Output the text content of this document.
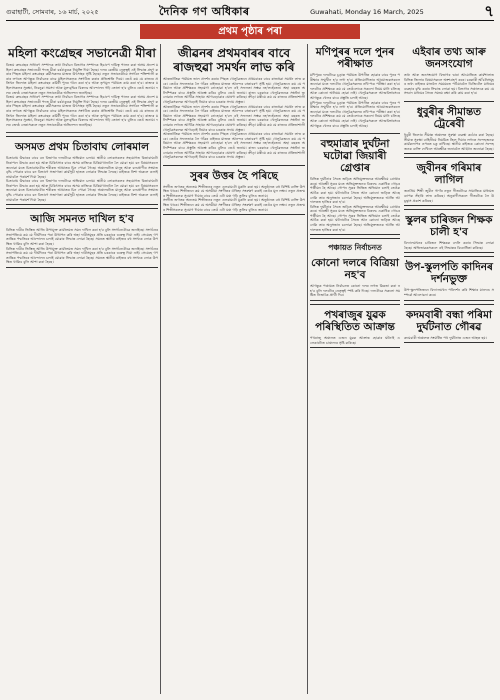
গুৱাহাটী, সোমবাৰ, ১৬ মাৰ্চ, ২০২৫	দৈনিক গণ অধিকাৰ	Guwahati, Monday 16 March, 2025	৭
প্ৰথম পৃষ্ঠাৰ পৰা
মহিলা কংগ্ৰেছৰ সভানেত্ৰী মীৰা
বিজয় কংগ্ৰেছৰ সাধাৰণ সম্পাদক তথা নিৰ্বাচন বিভাগৰ সম্পাদক হিচাপে দায়িত্ব পালন কৰা অসম প্ৰদেশ মহিলা কংগ্ৰেছৰ সভানেত্ৰী পদত মীৰা বৰঠাকুৰক নিযুক্তি দিয়া হৈছে। দলৰ কেন্দ্ৰীয় নেতৃত্বই এই সিদ্ধান্ত গ্ৰহণ কৰাৰ পিছত মহিলা কংগ্ৰেছৰ কৰ্মীসকলৰ মাজত উৎসাহৰ সৃষ্টি হৈছে। নতুন সভানেত্ৰীয়ে সংগঠন শক্তিশালী কৰাৰ লগতে আগন্তুক নিৰ্বাচনৰ বাবে মহিলাসকলক সংগঠিত কৰাৰ প্ৰতিশ্ৰুতি দিয়ে। তেওঁ কয় যে ৰাজ্যৰ প্ৰতিখন জিলাত মহিলা কংগ্ৰেছৰ কমিটী পুনৰ গঠন কৰা হ'ব আৰু তৃণমূল পৰ্যায়ত কাম কৰা হ'ব। ৰাজ্যৰ মহিলাসকলৰ সুৰক্ষা, নিবনুৱা সমস্যা আৰু মূল্যবৃদ্ধিৰ বিৰুদ্ধে আন্দোলন গঢ়ি তোলা হ'ব বুলিও তেওঁ জনায়। দলৰ জ্যেষ্ঠ নেতাসকলে নতুন সভানেত্ৰীক অভিনন্দন জনাইছে।
বিজয় কংগ্ৰেছৰ সাধাৰণ সম্পাদক তথা নিৰ্বাচন বিভাগৰ সম্পাদক হিচাপে দায়িত্ব পালন কৰা অসম প্ৰদেশ মহিলা কংগ্ৰেছৰ সভানেত্ৰী পদত মীৰা বৰঠাকুৰক নিযুক্তি দিয়া হৈছে। দলৰ কেন্দ্ৰীয় নেতৃত্বই এই সিদ্ধান্ত গ্ৰহণ কৰাৰ পিছত মহিলা কংগ্ৰেছৰ কৰ্মীসকলৰ মাজত উৎসাহৰ সৃষ্টি হৈছে। নতুন সভানেত্ৰীয়ে সংগঠন শক্তিশালী কৰাৰ লগতে আগন্তুক নিৰ্বাচনৰ বাবে মহিলাসকলক সংগঠিত কৰাৰ প্ৰতিশ্ৰুতি দিয়ে। তেওঁ কয় যে ৰাজ্যৰ প্ৰতিখন জিলাত মহিলা কংগ্ৰেছৰ কমিটী পুনৰ গঠন কৰা হ'ব আৰু তৃণমূল পৰ্যায়ত কাম কৰা হ'ব। ৰাজ্যৰ মহিলাসকলৰ সুৰক্ষা, নিবনুৱা সমস্যা আৰু মূল্যবৃদ্ধিৰ বিৰুদ্ধে আন্দোলন গঢ়ি তোলা হ'ব বুলিও তেওঁ জনায়। দলৰ জ্যেষ্ঠ নেতাসকলে নতুন সভানেত্ৰীক অভিনন্দন জনাইছে।
অসমত প্ৰথম চিতাবাঘ লোৰমাল
চিতাবাঘ উদ্ধাৰৰ বাবে বন বিভাগৰ দলটোৱে অভিযান চলায়। স্থানীয় লোকসকলৰ সহযোগত চিতাবাঘটো নিৰাপদে উদ্ধাৰ কৰা হয় আৰু চিকিৎসাৰ বাবে অসম ৰাজ্যিক চিৰিয়াখানালৈ লৈ যোৱা হয়। বন বিষয়াসকলে জনোৱা মতে চিতাবাঘটোৰ শৰীৰত আঘাতৰ চিন পোৱা গৈছে। অঞ্চলটোত মানুহ আৰু বন্যপ্ৰাণীৰ সংঘাত বৃদ্ধি পোৱাৰ বাবে বন বিভাগে সজাগতা কাৰ্যসূচী হাতত লোৱাৰ সিদ্ধান্ত লৈছে। ৰাইজক নিশা অকলে ওলাই নাযাবলৈ পৰামৰ্শ দিয়া হৈছে।
চিতাবাঘ উদ্ধাৰৰ বাবে বন বিভাগৰ দলটোৱে অভিযান চলায়। স্থানীয় লোকসকলৰ সহযোগত চিতাবাঘটো নিৰাপদে উদ্ধাৰ কৰা হয় আৰু চিকিৎসাৰ বাবে অসম ৰাজ্যিক চিৰিয়াখানালৈ লৈ যোৱা হয়। বন বিষয়াসকলে জনোৱা মতে চিতাবাঘটোৰ শৰীৰত আঘাতৰ চিন পোৱা গৈছে। অঞ্চলটোত মানুহ আৰু বন্যপ্ৰাণীৰ সংঘাত বৃদ্ধি পোৱাৰ বাবে বন বিভাগে সজাগতা কাৰ্যসূচী হাতত লোৱাৰ সিদ্ধান্ত লৈছে। ৰাইজক নিশা অকলে ওলাই নাযাবলৈ পৰামৰ্শ দিয়া হৈছে।
আজি সমনত দাখিল হ'ব
বিভিন্ন দাবীৰ ভিত্তিত আজি উপায়ুক্ত কাৰ্যালয়ত সমন দাখিল কৰা হ'ব বুলি সংগঠনটোৱে জনাইছে। সংগঠনৰ সভাপতিয়ে কয় যে দীৰ্ঘদিনৰ পৰা উত্থাপন কৰি অহা দাবীসমূহৰ প্ৰতি চৰকাৰে গুৰুত্ব দিয়া নাই। সেয়েহে গণতান্ত্ৰিক পদ্ধতিৰে আন্দোলন চলাই যোৱাৰ সিদ্ধান্ত লোৱা হৈছে। সমনত স্থানীয় ৰাইজৰ বহু সংখ্যক লোক উপস্থিত থাকিব বুলি আশা কৰা হৈছে।
বিভিন্ন দাবীৰ ভিত্তিত আজি উপায়ুক্ত কাৰ্যালয়ত সমন দাখিল কৰা হ'ব বুলি সংগঠনটোৱে জনাইছে। সংগঠনৰ সভাপতিয়ে কয় যে দীৰ্ঘদিনৰ পৰা উত্থাপন কৰি অহা দাবীসমূহৰ প্ৰতি চৰকাৰে গুৰুত্ব দিয়া নাই। সেয়েহে গণতান্ত্ৰিক পদ্ধতিৰে আন্দোলন চলাই যোৱাৰ সিদ্ধান্ত লোৱা হৈছে। সমনত স্থানীয় ৰাইজৰ বহু সংখ্যক লোক উপস্থিত থাকিব বুলি আশা কৰা হৈছে।
জীৱনৰ প্ৰথমবাৰৰ বাবে ৰাজহুৱা সমৰ্থন লাভ কৰি
আন্তৰ্জাতিক পৰ্যায়ত ভাল প্ৰদৰ্শন কৰাৰ পিছত খেলুৱৈজনে প্ৰথমবাৰৰ বাবে ৰাজহুৱা সমৰ্থন লাভ কৰে। তেওঁৰ সফলতাক লৈ গাঁৱৰ ৰাইজৰ মাজত আনন্দৰ বাতাবৰণ সৃষ্টি হয়। খেলুৱৈজনে কয় যে পৰিয়াল আৰু প্ৰশিক্ষকৰ সহযোগ নোহোৱা হ'লে এই সফলতা সম্ভৱ নহ'লহেঁতেন। অহা বছৰত অলিম্পিকৰ বাবে প্ৰস্তুতি আৰম্ভ কৰিব বুলিও তেওঁ জনায়। ৰাজ্য চৰকাৰে খেলুৱৈজনক সম্বৰ্ধনা জনোৱাৰ লগতে আৰ্থিক সাহায্য আগবঢ়োৱাৰ ঘোষণা কৰিছে। ক্ৰীড়া মন্ত্ৰীয়ে কয় যে ৰাজ্যৰ প্ৰতিভাশালী খেলুৱৈসকলক আগবঢ়াই নিয়াৰ বাবে চৰকাৰ সদায় প্ৰস্তুত।
আন্তৰ্জাতিক পৰ্যায়ত ভাল প্ৰদৰ্শন কৰাৰ পিছত খেলুৱৈজনে প্ৰথমবাৰৰ বাবে ৰাজহুৱা সমৰ্থন লাভ কৰে। তেওঁৰ সফলতাক লৈ গাঁৱৰ ৰাইজৰ মাজত আনন্দৰ বাতাবৰণ সৃষ্টি হয়। খেলুৱৈজনে কয় যে পৰিয়াল আৰু প্ৰশিক্ষকৰ সহযোগ নোহোৱা হ'লে এই সফলতা সম্ভৱ নহ'লহেঁতেন। অহা বছৰত অলিম্পিকৰ বাবে প্ৰস্তুতি আৰম্ভ কৰিব বুলিও তেওঁ জনায়। ৰাজ্য চৰকাৰে খেলুৱৈজনক সম্বৰ্ধনা জনোৱাৰ লগতে আৰ্থিক সাহায্য আগবঢ়োৱাৰ ঘোষণা কৰিছে। ক্ৰীড়া মন্ত্ৰীয়ে কয় যে ৰাজ্যৰ প্ৰতিভাশালী খেলুৱৈসকলক আগবঢ়াই নিয়াৰ বাবে চৰকাৰ সদায় প্ৰস্তুত।
আন্তৰ্জাতিক পৰ্যায়ত ভাল প্ৰদৰ্শন কৰাৰ পিছত খেলুৱৈজনে প্ৰথমবাৰৰ বাবে ৰাজহুৱা সমৰ্থন লাভ কৰে। তেওঁৰ সফলতাক লৈ গাঁৱৰ ৰাইজৰ মাজত আনন্দৰ বাতাবৰণ সৃষ্টি হয়। খেলুৱৈজনে কয় যে পৰিয়াল আৰু প্ৰশিক্ষকৰ সহযোগ নোহোৱা হ'লে এই সফলতা সম্ভৱ নহ'লহেঁতেন। অহা বছৰত অলিম্পিকৰ বাবে প্ৰস্তুতি আৰম্ভ কৰিব বুলিও তেওঁ জনায়। ৰাজ্য চৰকাৰে খেলুৱৈজনক সম্বৰ্ধনা জনোৱাৰ লগতে আৰ্থিক সাহায্য আগবঢ়োৱাৰ ঘোষণা কৰিছে। ক্ৰীড়া মন্ত্ৰীয়ে কয় যে ৰাজ্যৰ প্ৰতিভাশালী খেলুৱৈসকলক আগবঢ়াই নিয়াৰ বাবে চৰকাৰ সদায় প্ৰস্তুত।
সুৰৰ উত্তৰ হৈ পৰিছে
সংগীত জগতৰ অন্যতম শিল্পীজনৰ নতুন এলবামটো মুকলি কৰা হয়। অনুষ্ঠানত বহু বিশিষ্ট ব্যক্তি উপস্থিত থাকে। শিল্পীজনে কয় যে অসমীয়া সংগীতৰ ঐতিহ্য সংৰক্ষণ কৰাই তেওঁৰ মূল লক্ষ্য। নতুন প্ৰজন্মৰ শিল্পীসকলক সুযোগ দিয়াৰ বাবে তেওঁ এটা মঞ্চ গঢ়ি তুলিব বুলিও জনায়।
সংগীত জগতৰ অন্যতম শিল্পীজনৰ নতুন এলবামটো মুকলি কৰা হয়। অনুষ্ঠানত বহু বিশিষ্ট ব্যক্তি উপস্থিত থাকে। শিল্পীজনে কয় যে অসমীয়া সংগীতৰ ঐতিহ্য সংৰক্ষণ কৰাই তেওঁৰ মূল লক্ষ্য। নতুন প্ৰজন্মৰ শিল্পীসকলক সুযোগ দিয়াৰ বাবে তেওঁ এটা মঞ্চ গঢ়ি তুলিব বুলিও জনায়।
মণিপুৰৰ দলে পুনৰ পৰীক্ষাত
মণিপুৰৰ দলটোৱে চূড়ান্ত পৰ্যায়ত উপনীত হোৱাৰ বাবে পুনৰ পৰীক্ষাৰ সন্মুখীন হ'ব লগা হ'ব। প্ৰতিযোগিতাৰ আয়োজকসকলে জনোৱা মতে দলটোৰ খেলুৱৈসকলৰ নথি-পত্ৰ পৰীক্ষা কৰা হ'ব। দলটোৰ প্ৰশিক্ষকে কয় যে তেওঁলোকে সকলো নিয়ম মানি চলিছে আৰু কোনো অনিয়ম হোৱা নাই। খেলুৱৈসকলে আত্মবিশ্বাসেৰে আগন্তুক খেলৰ বাবে প্ৰস্তুতি চলাই আছে।
মণিপুৰৰ দলটোৱে চূড়ান্ত পৰ্যায়ত উপনীত হোৱাৰ বাবে পুনৰ পৰীক্ষাৰ সন্মুখীন হ'ব লগা হ'ব। প্ৰতিযোগিতাৰ আয়োজকসকলে জনোৱা মতে দলটোৰ খেলুৱৈসকলৰ নথি-পত্ৰ পৰীক্ষা কৰা হ'ব। দলটোৰ প্ৰশিক্ষকে কয় যে তেওঁলোকে সকলো নিয়ম মানি চলিছে আৰু কোনো অনিয়ম হোৱা নাই। খেলুৱৈসকলে আত্মবিশ্বাসেৰে আগন্তুক খেলৰ বাবে প্ৰস্তুতি চলাই আছে।
বহুমাত্ৰাৰ দুৰ্ঘটনা ঘটোৱা জিয়াৰী গ্ৰেপ্তাৰ
বিভিন্ন দুৰ্ঘটনাৰ সৈতে জড়িত অভিযুক্তজনক আৰক্ষীয়ে গ্ৰেপ্তাৰ কৰে। আৰক্ষী সূত্ৰৰ মতে অভিযুক্তজনৰ বিৰুদ্ধে একাধিক গোচৰ পঞ্জীয়ন হৈ আছে। গোপন সূত্ৰৰ ভিত্তিত অভিযান চলাই তেওঁক আটক কৰা হয়। ঘটনাটোৰ সৈতে আন কোনো জড়িত আছে নেকি তাৰ অনুসন্ধান চলোৱা হৈছে। অভিযুক্তজনক আজি আদালতত হাজিৰ কৰা হ'ব।
বিভিন্ন দুৰ্ঘটনাৰ সৈতে জড়িত অভিযুক্তজনক আৰক্ষীয়ে গ্ৰেপ্তাৰ কৰে। আৰক্ষী সূত্ৰৰ মতে অভিযুক্তজনৰ বিৰুদ্ধে একাধিক গোচৰ পঞ্জীয়ন হৈ আছে। গোপন সূত্ৰৰ ভিত্তিত অভিযান চলাই তেওঁক আটক কৰা হয়। ঘটনাটোৰ সৈতে আন কোনো জড়িত আছে নেকি তাৰ অনুসন্ধান চলোৱা হৈছে। অভিযুক্তজনক আজি আদালতত হাজিৰ কৰা হ'ব।
পঞ্চায়ত নিৰ্বাচনত
কোনো দলৰে বিত্ৰিয়া নহ'ব
আগন্তুক পঞ্চায়ত নিৰ্বাচনত কোনো দলৰ লগত মিত্ৰতা কৰা নহ'ব বুলি দলটোৰ নেতৃত্বই স্পষ্ট কৰি দিছে। দলটোৱে সকলো সমষ্টিত নিজাকৈ প্ৰাৰ্থী দিব।
পখৰাজুৰ যুৱক পৰিস্থিতিত আক্ৰান্ত
পখৰাজু অঞ্চলত এজন যুৱক আক্ৰান্ত হোৱাৰ ঘটনাই এলেকাটোত চাঞ্চল্যৰ সৃষ্টি কৰিছে।
এইবাৰ তথ্য আৰু জনসংযোগ
তথ্য আৰু জনসংযোগ বিভাগৰ দ্বাৰা আয়োজিত কাৰ্যশালাত বিভিন্ন জিলাৰ বিষয়াসকলে অংশগ্ৰহণ কৰে। চৰকাৰী আঁচনিসমূহৰ তথ্য ৰাইজৰ মাজলৈ সময়মতে পঠিয়াবলৈ ডিজিটেল মাধ্যমৰ ব্যৱহাৰ বৃদ্ধি কৰাৰ সিদ্ধান্ত লোৱা হয়। বিভাগৰ সঞ্চালকে কয় যে সংবাদ মাধ্যমৰ সৈতে সমন্বয় ৰক্ষা কৰি কাম কৰা হ'ব।
ধুবুৰীৰ সীমান্তত ট্ৰেৰেবী
ধুবুৰী জিলাৰ সীমান্ত অঞ্চলত সুৰক্ষা ব্যৱস্থা কঠোৰ কৰা হৈছে। সীমান্ত সুৰক্ষা বাহিনীয়ে নিয়মিত টহল দিয়াৰ লগতে সন্দেহজনক কাৰ্যকলাপৰ ওপৰত চকু ৰাখিছে। স্থানীয় ৰাইজক কোনো সন্দেহজনক ব্যক্তি দেখিলে আৰক্ষীক জনাবলৈ আহ্বান জনোৱা হৈছে।
জুবীনৰ গৰিমাৰ লাগিল
জনপ্ৰিয় শিল্পী জুবীন গাৰ্গৰ নতুন গীতটোৱে সামাজিক মাধ্যমত ব্যাপক সঁহাৰি লাভ কৰিছে। অনুৰাগীসকলে গীতটোক লৈ উচ্ছ্বাস প্ৰকাশ কৰিছে।
স্কুলৰ চাৰিজন শিক্ষক চালী হ'ব
বিদ্যালয়খনৰ চাৰিজন শিক্ষকক বদলি কৰাৰ সিদ্ধান্ত লোৱা হৈছে। অভিভাৱকসকলে এই সিদ্ধান্তৰ বিৰোধিতা কৰিছে।
উপ-স্কুলপতি কাদিনৰ দৰ্শনভুক্ত
উপ-স্কুলপতিজনে বিদ্যালয়খন পৰিদৰ্শন কৰি শিক্ষাৰ মানদণ্ড সম্পৰ্কে আলোচনা কৰে।
কদমবাৰী বন্ধা পৰিমা দুৰ্ঘটনাত গৌৰৱ
কদমবাৰী অঞ্চলত সংঘটিত পথ দুৰ্ঘটনাত এজন আহত হয়।
